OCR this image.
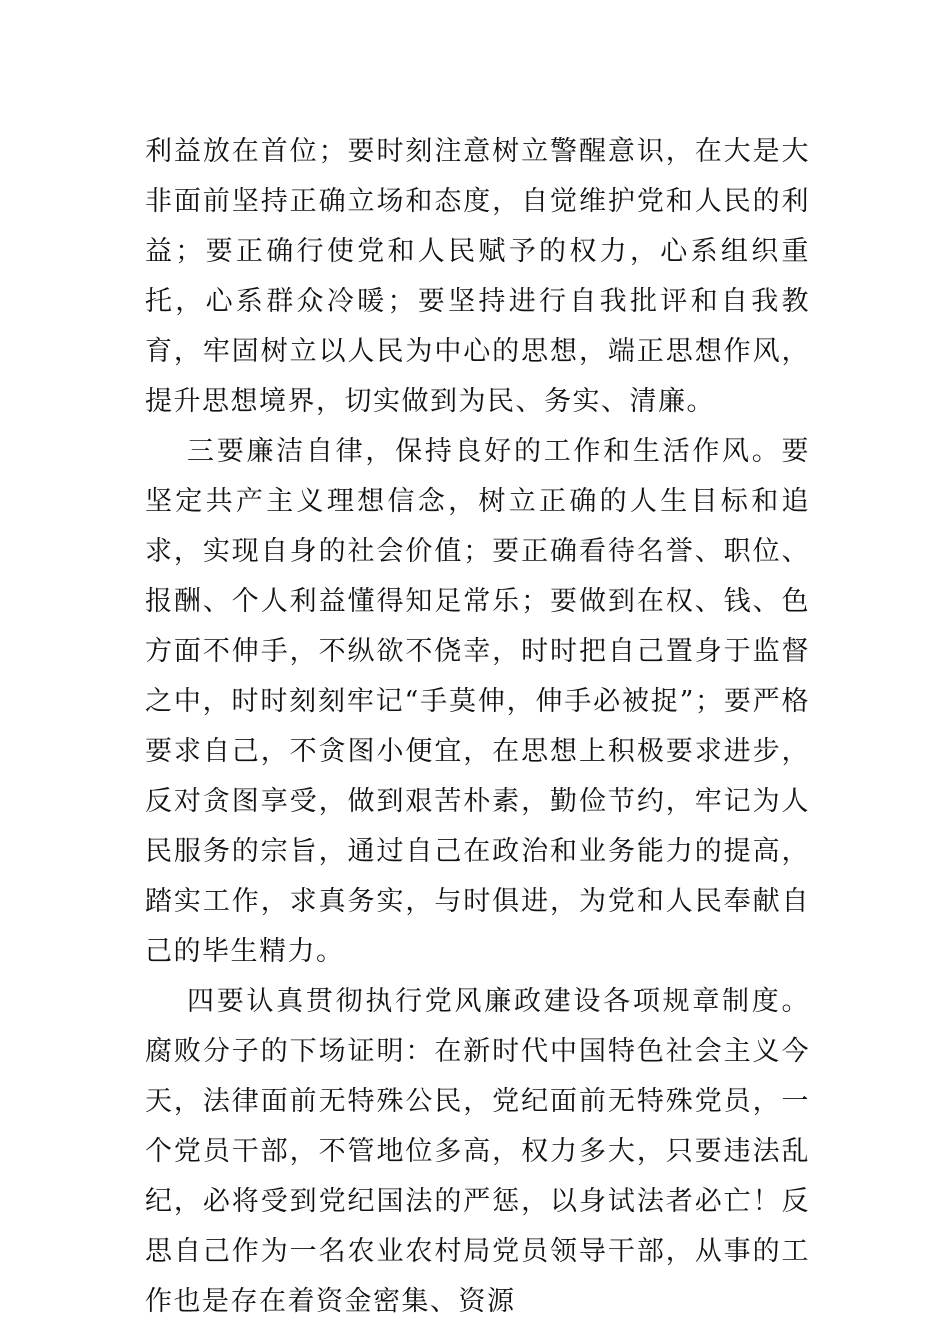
利益放在首位；要时刻注意树立警醒意识，在大是大非面前坚持正确立场和态度，自觉维护党和人民的利益；要正确行使党和人民赋予的权力，心系组织重托，心系群众冷暖；要坚持进行自我批评和自我教育，牢固树立以人民为中心的思想，端正思想作风，提升思想境界，切实做到为民、务实、清廉。

三要廉洁自律，保持良好的工作和生活作风。要坚定共产主义理想信念，树立正确的人生目标和追求，实现自身的社会价值；要正确看待名誉、职位、报酬、个人利益懂得知足常乐；要做到在权、钱、色方面不伸手，不纵欲不侥幸，时时把自己置身于监督之中，时时刻刻牢记“手莫伸，伸手必被捉”；要严格要求自己，不贪图小便宜，在思想上积极要求进步，反对贪图享受，做到艰苦朴素，勤俭节约，牢记为人民服务的宗旨，通过自己在政治和业务能力的提高，踏实工作，求真务实，与时俱进，为党和人民奉献自己的毕生精力。

四要认真贯彻执行党风廉政建设各项规章制度。腐败分子的下场证明：在新时代中国特色社会主义今天，法律面前无特殊公民，党纪面前无特殊党员，一个党员干部，不管地位多高，权力多大，只要违法乱纪，必将受到党纪国法的严惩，以身试法者必亡！反思自己作为一名农业农村局党员领导干部，从事的工作也是存在着资金密集、资源
